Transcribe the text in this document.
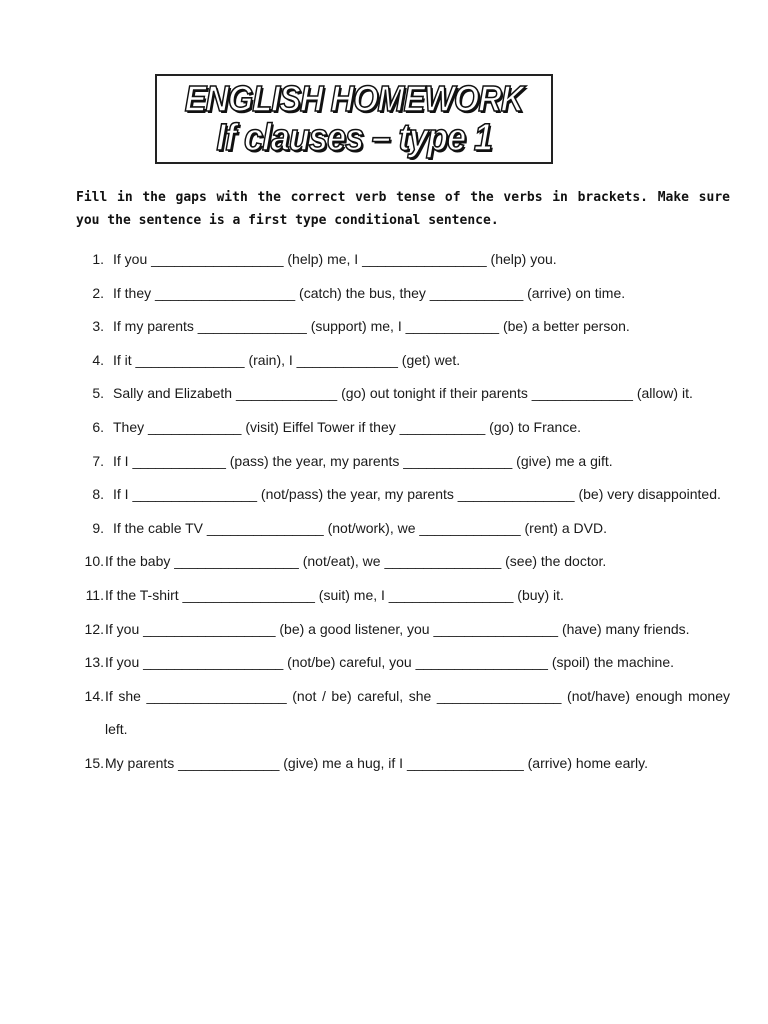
ENGLISH HOMEWORK
If clauses – type 1

Fill in the gaps with the correct verb tense of the verbs in brackets. Make sure you the sentence is a first type conditional sentence.

1. If you _________________ (help) me, I ________________ (help) you.
2. If they __________________ (catch) the bus, they ____________ (arrive) on time.
3. If my parents ______________ (support) me, I ____________ (be) a better person.
4. If it ______________ (rain), I _____________ (get) wet.
5. Sally and Elizabeth _____________ (go) out tonight if their parents _____________ (allow) it.
6. They ____________ (visit) Eiffel Tower if they ___________ (go) to France.
7. If I ____________ (pass) the year, my parents ______________ (give) me a gift.
8. If I ________________ (not/pass) the year, my parents _______________ (be) very disappointed.
9. If the cable TV _______________ (not/work), we _____________ (rent) a DVD.
10. If the baby ________________ (not/eat), we _______________ (see) the doctor.
11. If the T-shirt _________________ (suit) me, I ________________ (buy) it.
12. If you _________________ (be) a good listener, you ________________ (have) many friends.
13. If you __________________ (not/be) careful, you _________________ (spoil) the machine.
14. If she __________________ (not / be) careful, she ________________ (not/have) enough money left.
15. My parents _____________ (give) me a hug, if I _______________ (arrive) home early.
